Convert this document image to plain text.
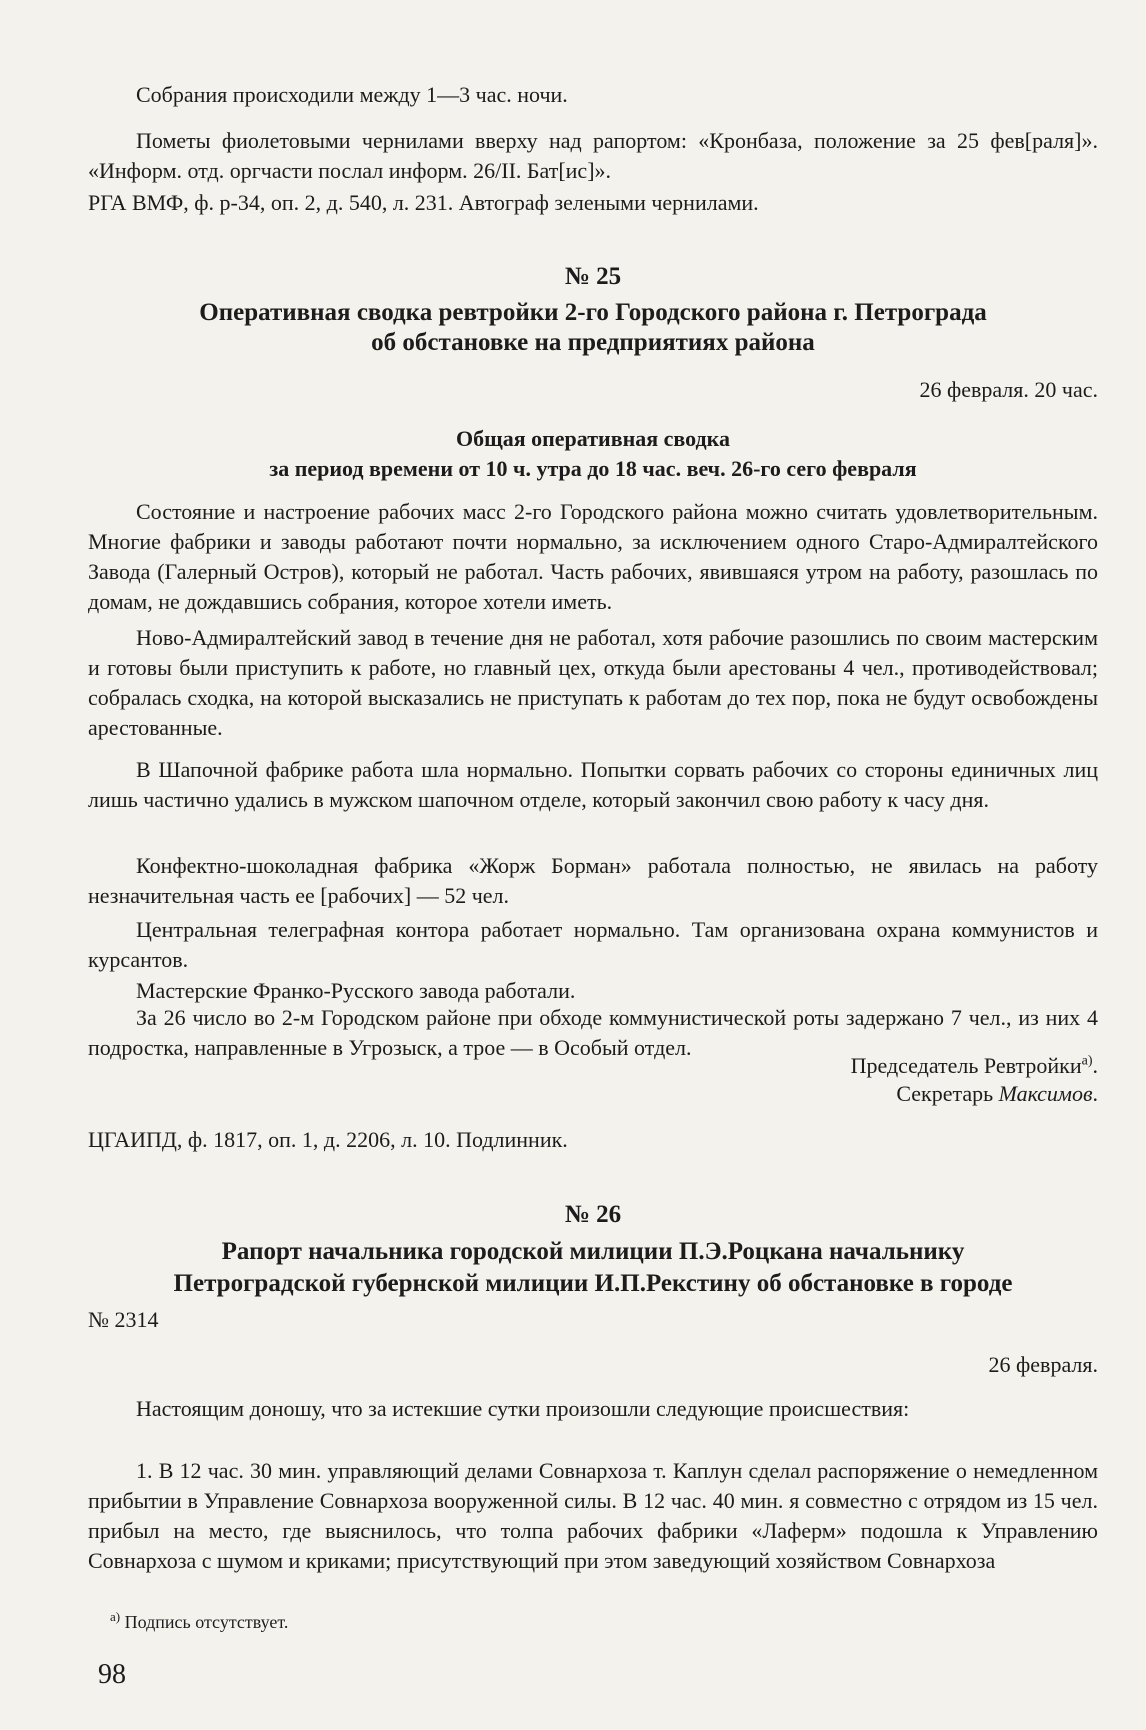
Собрания происходили между 1—3 час. ночи.

Пометы фиолетовыми чернилами вверху над рапортом: «Кронбаза, положение за 25 фев[раля]». «Информ. отд. оргчасти послал информ. 26/II. Бат[ис]».

РГА ВМФ, ф. р-34, оп. 2, д. 540, л. 231. Автограф зелеными чернилами.

№ 25
Оперативная сводка ревтройки 2-го Городского района г. Петрограда
об обстановке на предприятиях района
26 февраля. 20 час.
Общая оперативная сводка
за период времени от 10 ч. утра до 18 час. веч. 26-го сего февраля

Состояние и настроение рабочих масс 2-го Городского района можно считать удовлетворительным. Многие фабрики и заводы работают почти нормально, за исключением одного Старо-Адмиралтейского Завода (Галерный Остров), который не работал. Часть рабочих, явившаяся утром на работу, разошлась по домам, не дождавшись собрания, которое хотели иметь.

Ново-Адмиралтейский завод в течение дня не работал, хотя рабочие разошлись по своим мастерским и готовы были приступить к работе, но главный цех, откуда были арестованы 4 чел., противодействовал; собралась сходка, на которой высказались не приступать к работам до тех пор, пока не будут освобождены арестованные.

В Шапочной фабрике работа шла нормально. Попытки сорвать рабочих со стороны единичных лиц лишь частично удались в мужском шапочном отделе, который закончил свою работу к часу дня.

Конфектно-шоколадная фабрика «Жорж Борман» работала полностью, не явилась на работу незначительная часть ее [рабочих] — 52 чел.

Центральная телеграфная контора работает нормально. Там организована охрана коммунистов и курсантов.

Мастерские Франко-Русского завода работали.

За 26 число во 2-м Городском районе при обходе коммунистической роты задержано 7 чел., из них 4 подростка, направленные в Угрозыск, а трое — в Особый отдел.

Председатель Ревтройки$^{а)}$.
Секретарь Максимов.

ЦГАИПД, ф. 1817, оп. 1, д. 2206, л. 10. Подлинник.

№ 26
Рапорт начальника городской милиции П.Э.Роцкана начальнику
Петроградской губернской милиции И.П.Рекстину об обстановке в городе
№ 2314
26 февраля.

Настоящим доношу, что за истекшие сутки произошли следующие происшествия:

1. В 12 час. 30 мин. управляющий делами Совнархоза т. Каплун сделал распоряжение о немедленном прибытии в Управление Совнархоза вооруженной силы. В 12 час. 40 мин. я совместно с отрядом из 15 чел. прибыл на место, где выяснилось, что толпа рабочих фабрики «Лаферм» подошла к Управлению Совнархоза с шумом и криками; присутствующий при этом заведующий хозяйством Совнархоза

$^{а)}$ Подпись отсутствует.
98
